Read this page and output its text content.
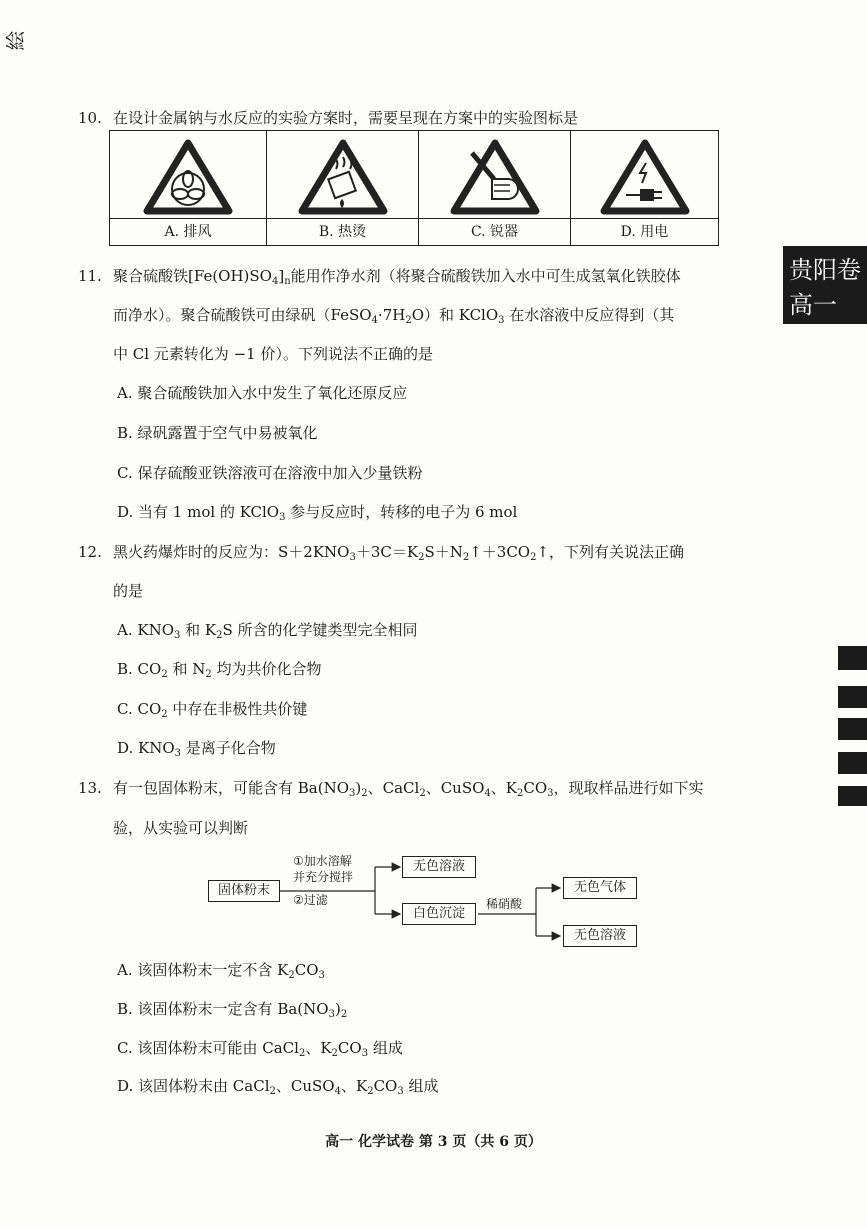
絵
贵阳卷
高一
10. 在设计金属钠与水反应的实验方案时，需要呈现在方案中的实验图标是
A. 排风	B. 热烫	C. 锐器	D. 用电
11. 聚合硫酸铁$[Fe(OH)SO_4]_n$能用作净水剂（将聚合硫酸铁加入水中可生成氢氧化铁胶体
而净水）。聚合硫酸铁可由绿矾$(FeSO_4\cdot 7H_2O)$和 KClO$_3$ 在水溶液中反应得到（其
中 Cl 元素转化为 −1 价）。下列说法不正确的是
A. 聚合硫酸铁加入水中发生了氧化还原反应
B. 绿矾露置于空气中易被氧化
C. 保存硫酸亚铁溶液可在溶液中加入少量铁粉
D. 当有 1 mol 的 KClO$_3$ 参与反应时，转移的电子为 6 mol
12. 黑火药爆炸时的反应为：$S+2KNO_3+3C=K_2S+N_2↑+3CO_2↑$，下列有关说法正确
的是
A. $KNO_3$ 和 $K_2S$ 所含的化学键类型完全相同
B. $CO_2$ 和 $N_2$ 均为共价化合物
C. $CO_2$ 中存在非极性共价键
D. $KNO_3$ 是离子化合物
13. 有一包固体粉末，可能含有 $Ba(NO_3)_2$、CaCl$_2$、CuSO$_4$、$K_2CO_3$，现取样品进行如下实
验，从实验可以判断
固体粉末
①加水溶解
并充分搅拌
②过滤
无色溶液
白色沉淀
稀硝酸
无色气体
无色溶液
A. 该固体粉末一定不含 $K_2CO_3$
B. 该固体粉末一定含有 $Ba(NO_3)_2$
C. 该固体粉末可能由 CaCl$_2$、$K_2CO_3$ 组成
D. 该固体粉末由 CaCl$_2$、CuSO$_4$、$K_2CO_3$ 组成
高一 化学试卷 第 3 页（共 6 页）
